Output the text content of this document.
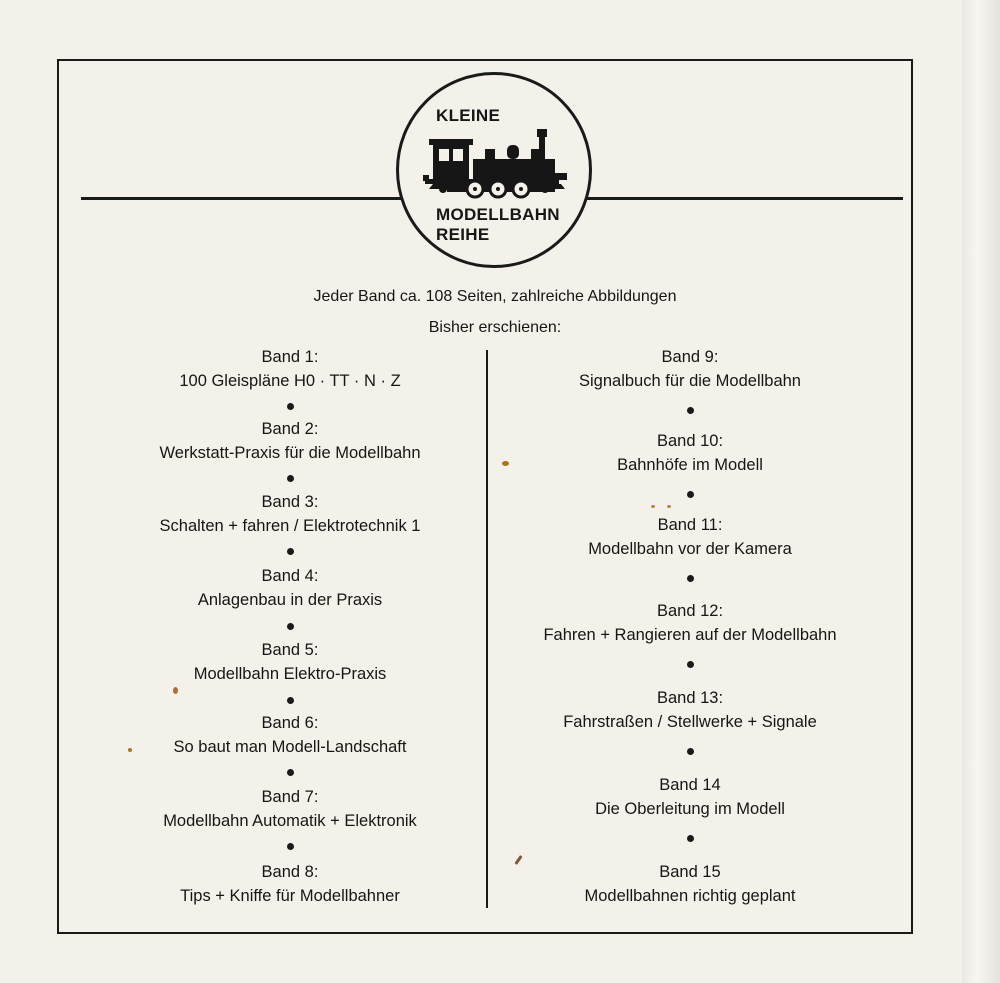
KLEINE

MODELLBAHN
REIHE

Jeder Band ca. 108 Seiten, zahlreiche Abbildungen

Bisher erschienen:

Band 1:
100 Gleispläne H0 · TT · N · Z
Band 2:
Werkstatt-Praxis für die Modellbahn
Band 3:
Schalten + fahren / Elektrotechnik 1
Band 4:
Anlagenbau in der Praxis
Band 5:
Modellbahn Elektro-Praxis
Band 6:
So baut man Modell-Landschaft
Band 7:
Modellbahn Automatik + Elektronik
Band 8:
Tips + Kniffe für Modellbahner
Band 9:
Signalbuch für die Modellbahn
Band 10:
Bahnhöfe im Modell
Band 11:
Modellbahn vor der Kamera
Band 12:
Fahren + Rangieren auf der Modellbahn
Band 13:
Fahrstraßen / Stellwerke + Signale
Band 14
Die Oberleitung im Modell
Band 15
Modellbahnen richtig geplant
